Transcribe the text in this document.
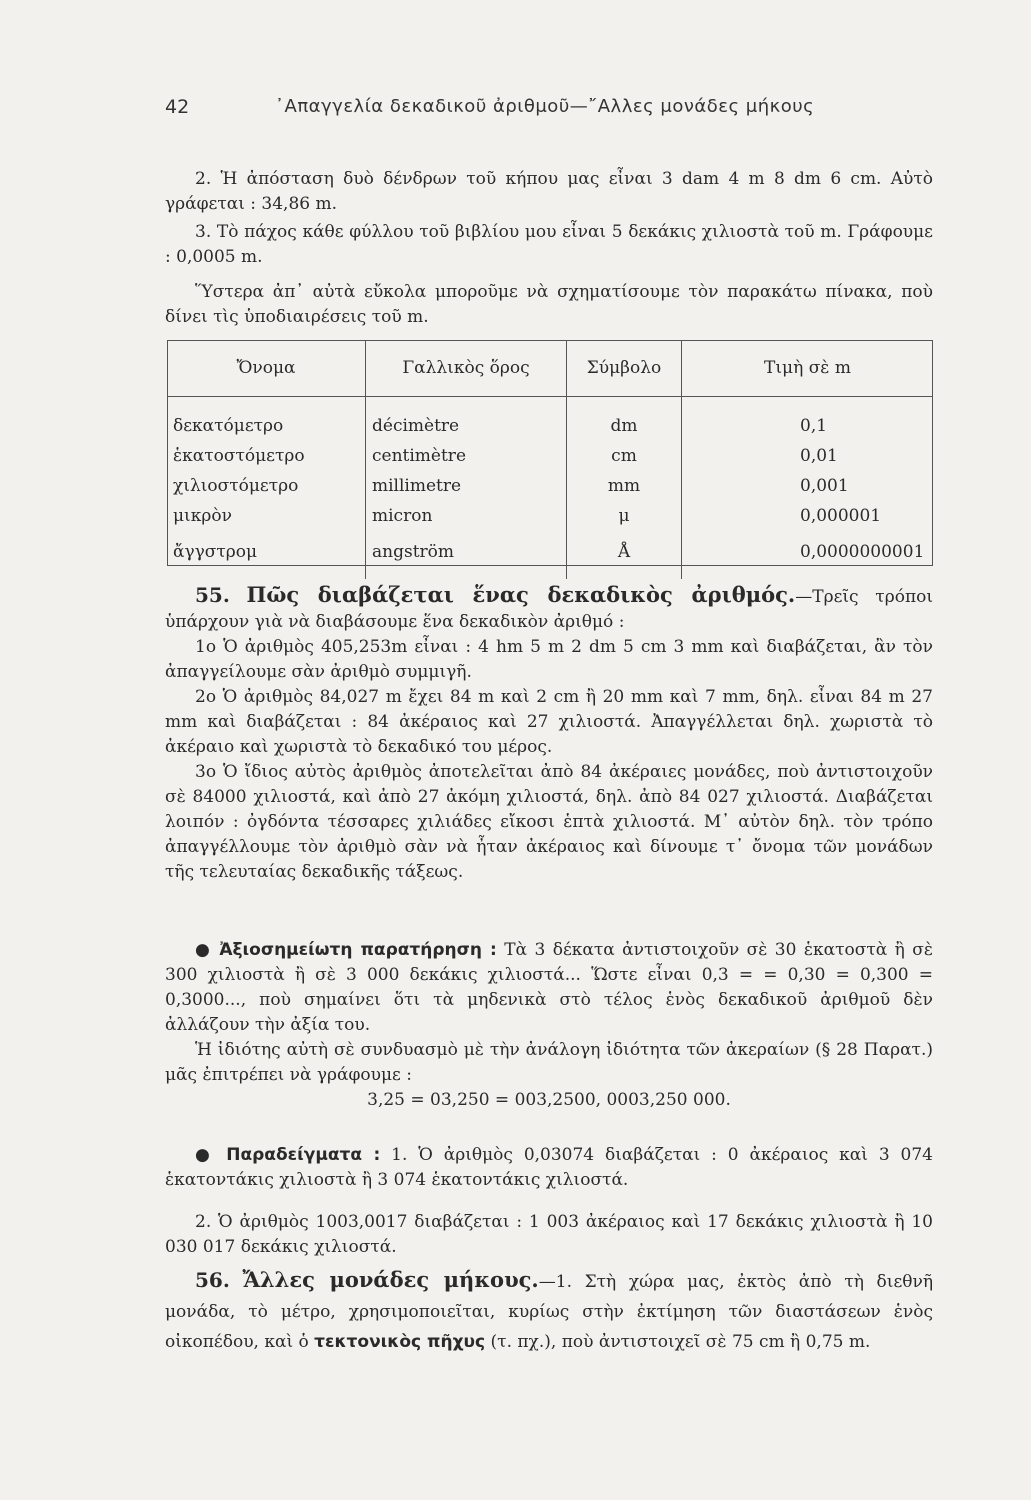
42	᾿Απαγγελία δεκαδικοῦ ἀριθμοῦ—῎Αλλες μονάδες μήκους

2. Ἡ ἀπόσταση δυὸ δένδρων τοῦ κήπου μας εἶναι 3 dam 4 m 8 dm 6 cm. Αὐτὸ γράφεται : 34,86 m.

3. Τὸ πάχος κάθε φύλλου τοῦ βιβλίου μου εἶναι 5 δεκάκις χιλιοστὰ τοῦ m. Γράφουμε : 0,0005 m.

Ὕστερα ἀπ᾿ αὐτὰ εὔκολα μποροῦμε νὰ σχηματίσουμε τὸν παρακάτω πίνακα, ποὺ δίνει τὶς ὑποδιαιρέσεις τοῦ m.

Ὄνομα	Γαλλικὸς ὅρος	Σύμβολο	Τιμὴ σὲ m
δεκατόμετρο	décimètre	dm	0,1
ἑκατοστόμετρο	centimètre	cm	0,01
χιλιοστόμετρο	millimetre	mm	0,001
μικρὸν	micron	μ	0,000001
ἄγγστρομ	angström	Å	0,0000000001

55. Πῶς διαβάζεται ἕνας δεκαδικὸς ἀριθμός.—Τρεῖς τρόποι ὑπάρχουν γιὰ νὰ διαβάσουμε ἕνα δεκαδικὸν ἀριθμό :

1ο Ὁ ἀριθμὸς 405,253m εἶναι : 4 hm 5 m 2 dm 5 cm 3 mm καὶ διαβάζεται, ἂν τὸν ἀπαγγείλουμε σὰν ἀριθμὸ συμμιγῆ.

2ο Ὁ ἀριθμὸς 84,027 m ἔχει 84 m καὶ 2 cm ἢ 20 mm καὶ 7 mm, δηλ. εἶναι 84 m 27 mm καὶ διαβάζεται : 84 ἀκέραιος καὶ 27 χιλιοστά. Ἀπαγγέλλεται δηλ. χωριστὰ τὸ ἀκέραιο καὶ χωριστὰ τὸ δεκαδικό του μέρος.

3ο Ὁ ἴδιος αὐτὸς ἀριθμὸς ἀποτελεῖται ἀπὸ 84 ἀκέραιες μονάδες, ποὺ ἀντιστοιχοῦν σὲ 84000 χιλιοστά, καὶ ἀπὸ 27 ἀκόμη χιλιοστά, δηλ. ἀπὸ 84 027 χιλιοστά. Διαβάζεται λοιπόν : ὀγδόντα τέσσαρες χιλιάδες εἴκοσι ἑπτὰ χιλιοστά. Μ᾿ αὐτὸν δηλ. τὸν τρόπο ἀπαγγέλλουμε τὸν ἀριθμὸ σὰν νὰ ἦταν ἀκέραιος καὶ δίνουμε τ᾿ ὄνομα τῶν μονάδων τῆς τελευταίας δεκαδικῆς τάξεως.

● Ἀξιοσημείωτη παρατήρηση : Τὰ 3 δέκατα ἀντιστοιχοῦν σὲ 30 ἑκατοστὰ ἢ σὲ 300 χιλιοστὰ ἢ σὲ 3 000 δεκάκις χιλιοστά... Ὥστε εἶναι 0,3 = = 0,30 = 0,300 = 0,3000..., ποὺ σημαίνει ὅτι τὰ μηδενικὰ στὸ τέλος ἑνὸς δεκαδικοῦ ἀριθμοῦ δὲν ἀλλάζουν τὴν ἀξία του.

Ἡ ἰδιότης αὐτὴ σὲ συνδυασμὸ μὲ τὴν ἀνάλογη ἰδιότητα τῶν ἀκεραίων (§ 28 Παρατ.) μᾶς ἐπιτρέπει νὰ γράφουμε :

3,25 = 03,250 = 003,2500, 0003,250 000.

● Παραδείγματα : 1. Ὁ ἀριθμὸς 0,03074 διαβάζεται : 0 ἀκέραιος καὶ 3 074 ἑκατοντάκις χιλιοστὰ ἢ 3 074 ἑκατοντάκις χιλιοστά.

2. Ὁ ἀριθμὸς 1003,0017 διαβάζεται : 1 003 ἀκέραιος καὶ 17 δεκάκις χιλιοστὰ ἢ 10 030 017 δεκάκις χιλιοστά.

56. Ἄλλες μονάδες μήκους.—1. Στὴ χώρα μας, ἐκτὸς ἀπὸ τὴ διεθνῆ μονάδα, τὸ μέτρο, χρησιμοποιεῖται, κυρίως στὴν ἐκτίμηση τῶν διαστάσεων ἑνὸς οἰκοπέδου, καὶ ὁ τεκτονικὸς πῆχυς (τ. πχ.), ποὺ ἀντιστοιχεῖ σὲ 75 cm ἢ 0,75 m.
